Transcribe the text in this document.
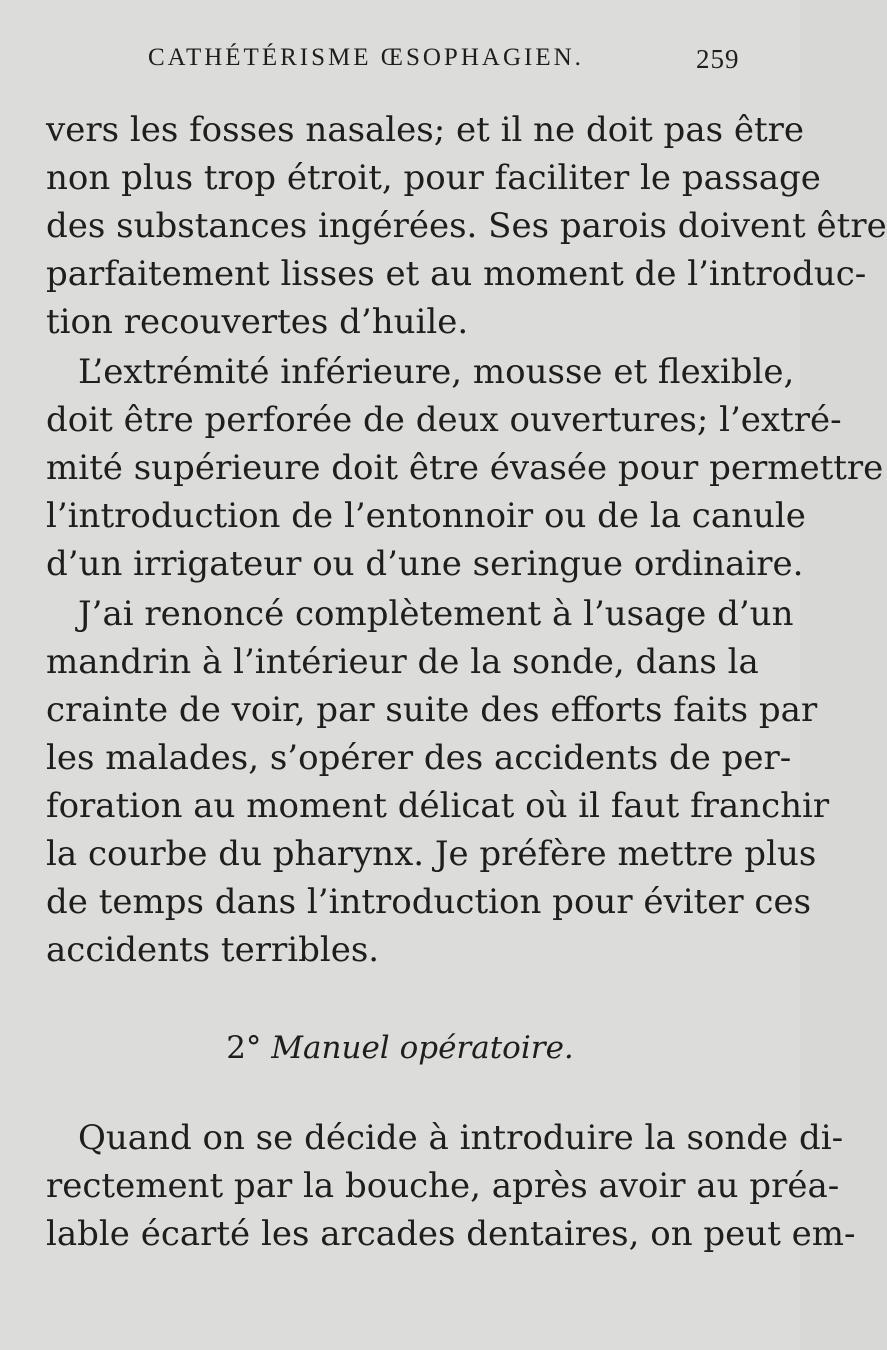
CATHÉTÉRISME ŒSOPHAGIEN.	259
vers les fosses nasales; et il ne doit pas être
non plus trop étroit, pour faciliter le passage
des substances ingérées. Ses parois doivent être
parfaitement lisses et au moment de l’introduc-
tion recouvertes d’huile.
L’extrémité inférieure, mousse et flexible,
doit être perforée de deux ouvertures; l’extré-
mité supérieure doit être évasée pour permettre
l’introduction de l’entonnoir ou de la canule
d’un irrigateur ou d’une seringue ordinaire.
J’ai renoncé complètement à l’usage d’un
mandrin à l’intérieur de la sonde, dans la
crainte de voir, par suite des efforts faits par
les malades, s’opérer des accidents de per-
foration au moment délicat où il faut franchir
la courbe du pharynx. Je préfère mettre plus
de temps dans l’introduction pour éviter ces
accidents terribles.
2° Manuel opératoire.
Quand on se décide à introduire la sonde di-
rectement par la bouche, après avoir au préa-
lable écarté les arcades dentaires, on peut em-
